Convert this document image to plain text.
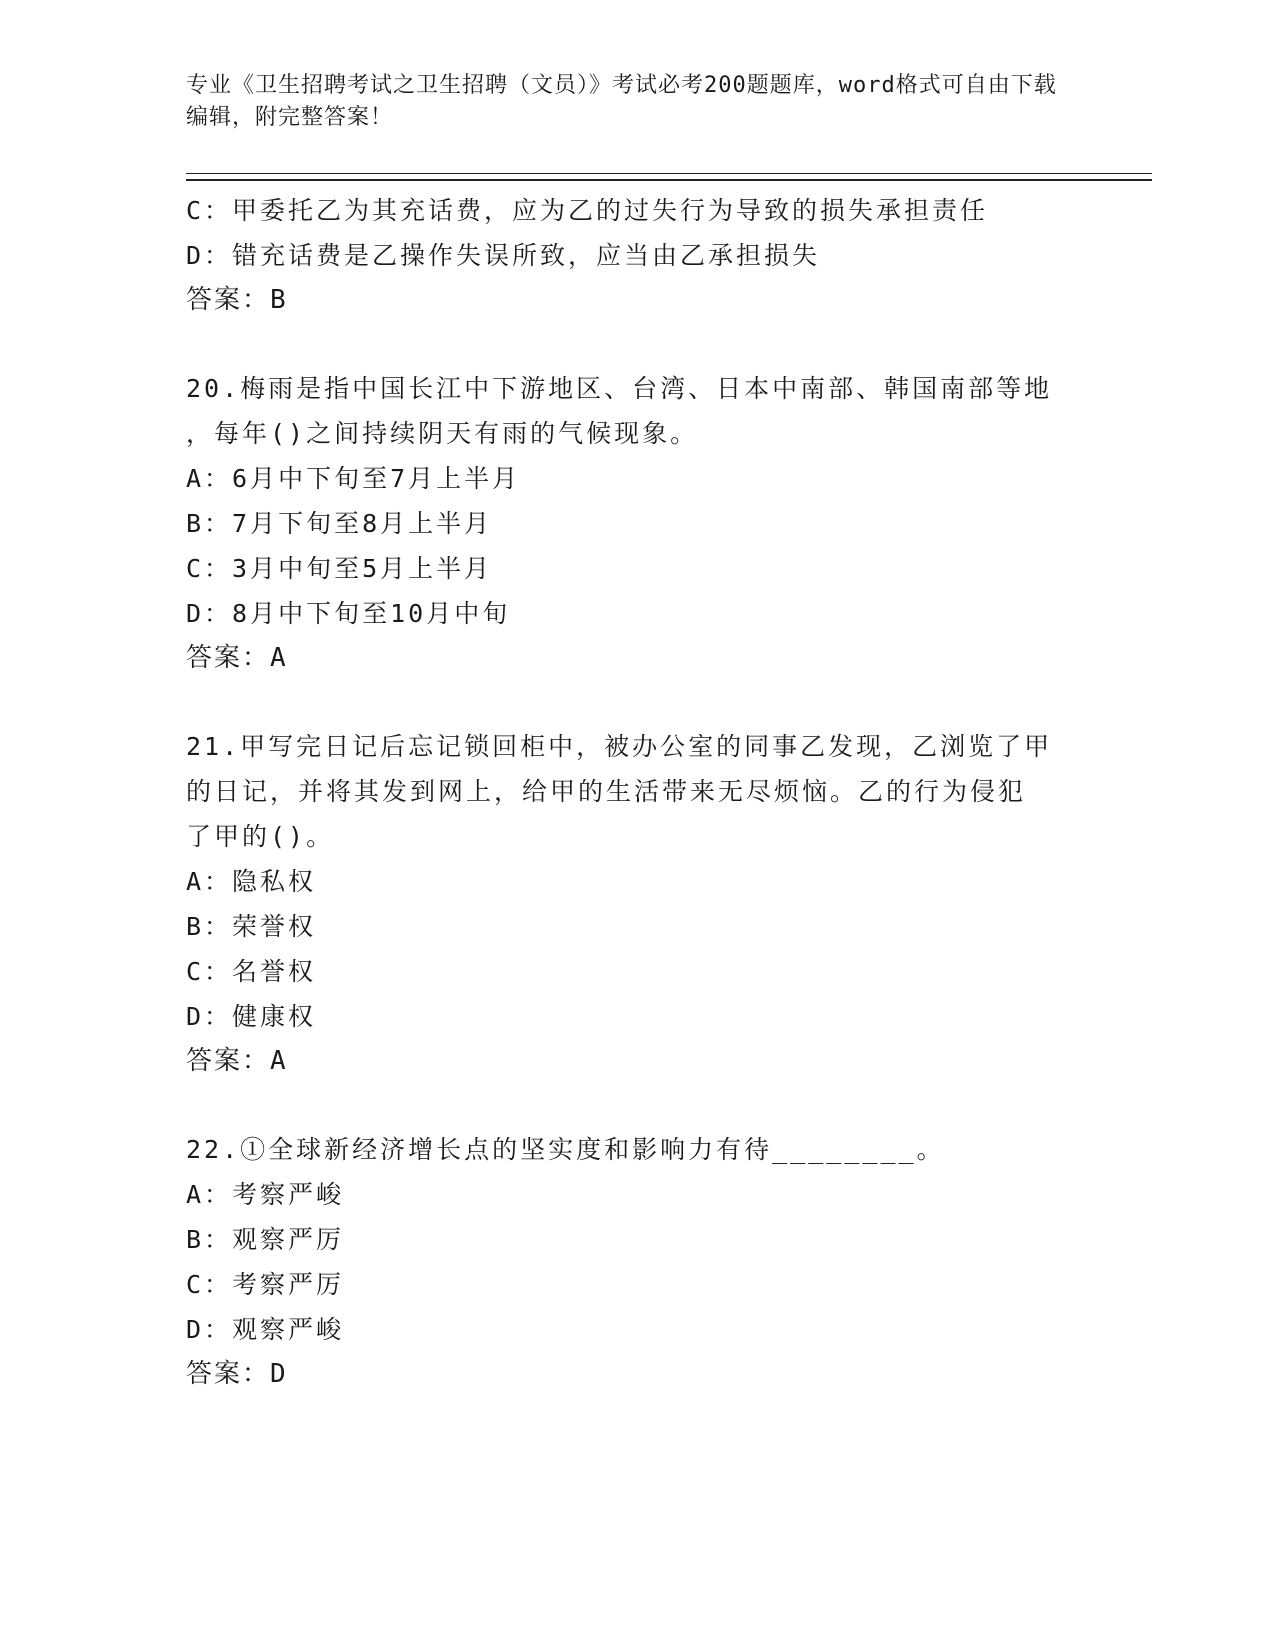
专业《卫生招聘考试之卫生招聘（文员）》考试必考200题题库，word格式可自由下载编辑，附完整答案！

C：甲委托乙为其充话费，应为乙的过失行为导致的损失承担责任
D：错充话费是乙操作失误所致，应当由乙承担损失
答案：B
20.梅雨是指中国长江中下游地区、台湾、日本中南部、韩国南部等地
，每年()之间持续阴天有雨的气候现象。
A：6月中下旬至7月上半月
B：7月下旬至8月上半月
C：3月中旬至5月上半月
D：8月中下旬至10月中旬
答案：A
21.甲写完日记后忘记锁回柜中，被办公室的同事乙发现，乙浏览了甲
的日记，并将其发到网上，给甲的生活带来无尽烦恼。乙的行为侵犯
了甲的()。
A：隐私权
B：荣誉权
C：名誉权
D：健康权
答案：A
22.①全球新经济增长点的坚实度和影响力有待________。
A：考察严峻
B：观察严厉
C：考察严厉
D：观察严峻
答案：D
